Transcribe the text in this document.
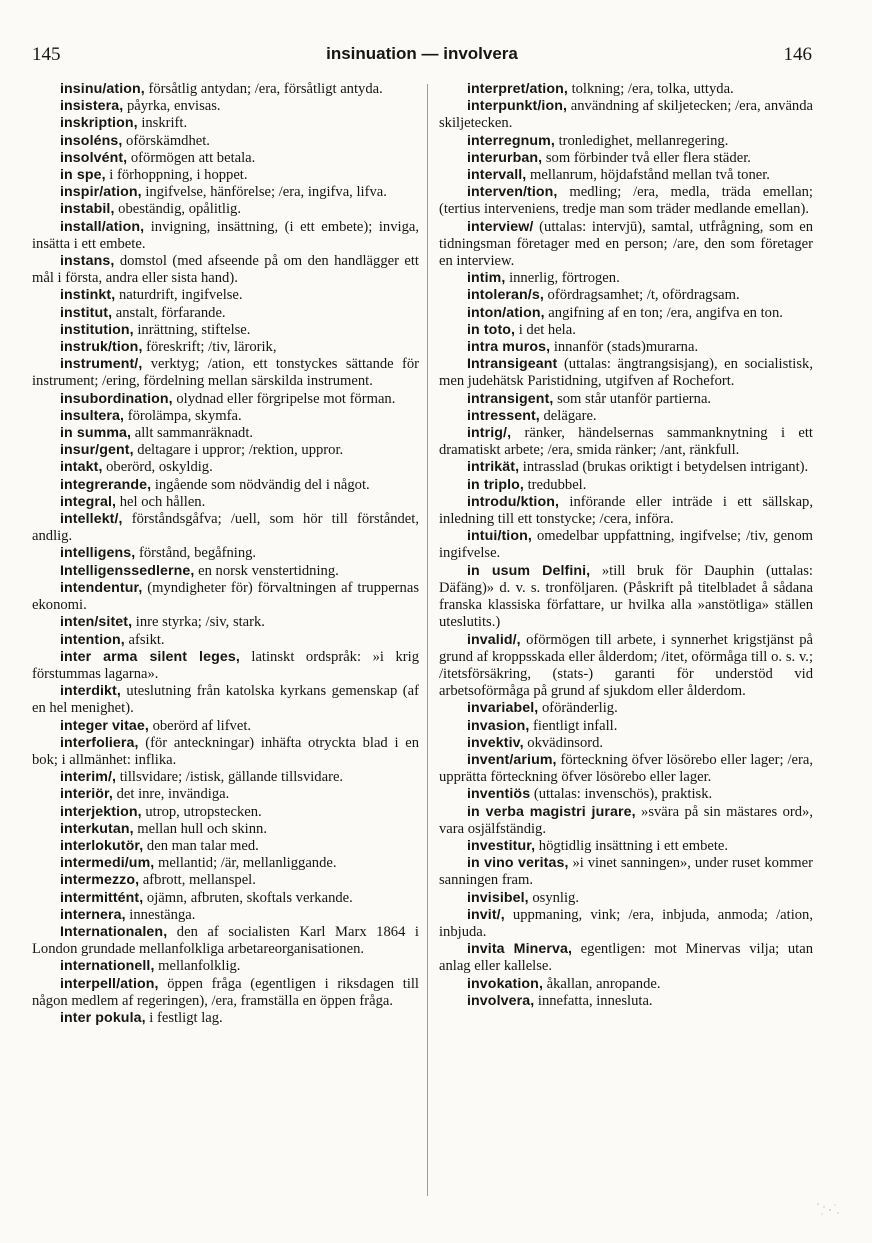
145	insinuation — involvera	146

insinu/ation, försåtlig antydan; /era, försåtligt antyda.

insistera, påyrka, envisas.

inskription, inskrift.

insoléns, oförskämdhet.

insolvént, oförmögen att betala.

in spe, i förhoppning, i hoppet.

inspir/ation, ingifvelse, hänförelse; /era, ingifva, lifva.

instabil, obeständig, opålitlig.

install/ation, invigning, insättning, (i ett embete); inviga, insätta i ett embete.

instans, domstol (med afseende på om den handlägger ett mål i första, andra eller sista hand).

instinkt, naturdrift, ingifvelse.

institut, anstalt, förfarande.

institution, inrättning, stiftelse.

instruk/tion, föreskrift; /tiv, lärorik,

instrument/, verktyg; /ation, ett tonstyckes sättande för instrument; /ering, fördelning mellan särskilda instrument.

insubordination, olydnad eller förgripelse mot förman.

insultera, förolämpa, skymfa.

in summa, allt sammanräknadt.

insur/gent, deltagare i uppror; /rektion, uppror.

intakt, oberörd, oskyldig.

integrerande, ingående som nödvändig del i något.

integral, hel och hållen.

intellekt/, förståndsgåfva; /uell, som hör till förståndet, andlig.

intelligens, förstånd, begåfning.

Intelligenssedlerne, en norsk venstertidning.

intendentur, (myndigheter för) förvaltningen af truppernas ekonomi.

inten/sitet, inre styrka; /siv, stark.

intention, afsikt.

inter arma silent leges, latinskt ordspråk: »i krig förstummas lagarna».

interdikt, uteslutning från katolska kyrkans gemenskap (af en hel menighet).

integer vitae, oberörd af lifvet.

interfoliera, (för anteckningar) inhäfta otryckta blad i en bok; i allmänhet: inflika.

interim/, tillsvidare; /istisk, gällande tillsvidare.

interiör, det inre, invändiga.

interjektion, utrop, utropstecken.

interkutan, mellan hull och skinn.

interlokutör, den man talar med.

intermedi/um, mellantid; /är, mellanliggande.

intermezzo, afbrott, mellanspel.

intermittént, ojämn, afbruten, skoftals verkande.

internera, innestänga.

Internationalen, den af socialisten Karl Marx 1864 i London grundade mellanfolkliga arbetareorganisationen.

internationell, mellanfolklig.

interpell/ation, öppen fråga (egentligen i riksdagen till någon medlem af regeringen), /era, framställa en öppen fråga.

inter pokula, i festligt lag.

interpret/ation, tolkning; /era, tolka, uttyda.

interpunkt/ion, användning af skiljetecken; /era, använda skiljetecken.

interregnum, tronledighet, mellanregering.

interurban, som förbinder två eller flera städer.

intervall, mellanrum, höjdafstånd mellan två toner.

interven/tion, medling; /era, medla, träda emellan; (tertius interveniens, tredje man som träder medlande emellan).

interview/ (uttalas: intervjū), samtal, utfrågning, som en tidningsman företager med en person; /are, den som företager en interview.

intim, innerlig, förtrogen.

intoleran/s, ofördragsamhet; /t, ofördragsam.

inton/ation, angifning af en ton; /era, angifva en ton.

in toto, i det hela.

intra muros, innanför (stads)murarna.

Intransigeant (uttalas: ängtrangsisjang), en socialistisk, men judehätsk Paristidning, utgifven af Rochefort.

intransigent, som står utanför partierna.

intressent, delägare.

intrig/, ränker, händelsernas sammanknytning i ett dramatiskt arbete; /era, smida ränker; /ant, ränkfull.

intrikät, intrasslad (brukas oriktigt i betydelsen intrigant).

in triplo, tredubbel.

introdu/ktion, införande eller inträde i ett sällskap, inledning till ett tonstycke; /cera, införa.

intui/tion, omedelbar uppfattning, ingifvelse; /tiv, genom ingifvelse.

in usum Delfini, »till bruk för Dauphin (uttalas: Däfäng)» d. v. s. tronföljaren. (Påskrift på titelbladet å sådana franska klassiska författare, ur hvilka alla »anstötliga» ställen uteslutits.)

invalid/, oförmögen till arbete, i synnerhet krigstjänst på grund af kroppsskada eller ålderdom; /itet, oförmåga till o. s. v.; /itetsförsäkring, (stats-) garanti för understöd vid arbetsoförmåga på grund af sjukdom eller ålderdom.

invariabel, oföränderlig.

invasion, fientligt infall.

invektiv, okvädinsord.

invent/arium, förteckning öfver lösörebo eller lager; /era, upprätta förteckning öfver lösörebo eller lager.

inventiös (uttalas: invenschös), praktisk.

in verba magistri jurare, »svära på sin mästares ord», vara osjälfständig.

investitur, högtidlig insättning i ett embete.

in vino veritas, »i vinet sanningen», under ruset kommer sanningen fram.

invisibel, osynlig.

invit/, uppmaning, vink; /era, inbjuda, anmoda; /ation, inbjuda.

invita Minerva, egentligen: mot Minervas vilja; utan anlag eller kallelse.

invokation, åkallan, anropande.

involvera, innefatta, innesluta.
